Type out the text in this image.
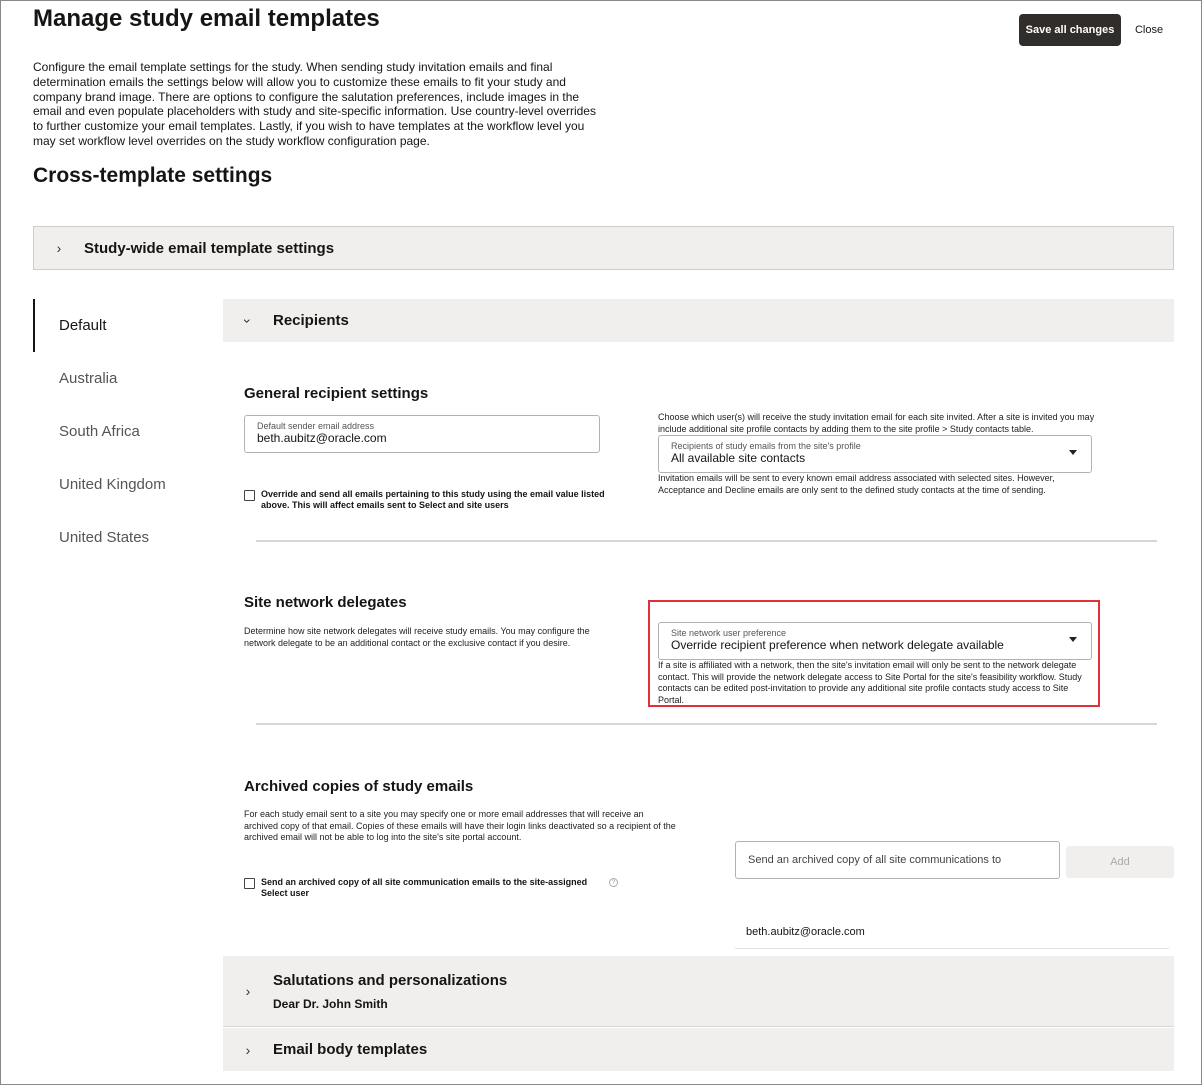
Manage study email templates	Save all changes	Close

Configure the email template settings for the study. When sending study invitation emails and final determination emails the settings below will allow you to customize these emails to fit your study and company brand image. There are options to configure the salutation preferences, include images in the email and even populate placeholders with study and site-specific information. Use country-level overrides to further customize your email templates. Lastly, if you wish to have templates at the workflow level you may set workflow level overrides on the study workflow configuration page.

Cross-template settings
›	Study-wide email template settings
Default
Australia
South Africa
United Kingdom
United States
› Recipients
General recipient settings
Default sender email address
beth.aubitz@oracle.com
Override and send all emails pertaining to this study using the email value listed above. This will affect emails sent to Select and site users
Choose which user(s) will receive the study invitation email for each site invited. After a site is invited you may include additional site profile contacts by adding them to the site profile > Study contacts table.
Recipients of study emails from the site's profile
All available site contacts
Invitation emails will be sent to every known email address associated with selected sites. However, Acceptance and Decline emails are only sent to the defined study contacts at the time of sending.
Site network delegates
Determine how site network delegates will receive study emails. You may configure the network delegate to be an additional contact or the exclusive contact if you desire.
Site network user preference
Override recipient preference when network delegate available
If a site is affiliated with a network, then the site's invitation email will only be sent to the network delegate contact. This will provide the network delegate access to Site Portal for the site's feasibility workflow. Study contacts can be edited post-invitation to provide any additional site profile contacts study access to Site Portal.
Archived copies of study emails
For each study email sent to a site you may specify one or more email addresses that will receive an archived copy of that email. Copies of these emails will have their login links deactivated so a recipient of the archived email will not be able to log into the site's site portal account.
Send an archived copy of all site communication emails to the site-assigned Select user
?
Send an archived copy of all site communications to	Add
beth.aubitz@oracle.com
›
Salutations and personalizations
Dear Dr. John Smith
›	Email body templates
